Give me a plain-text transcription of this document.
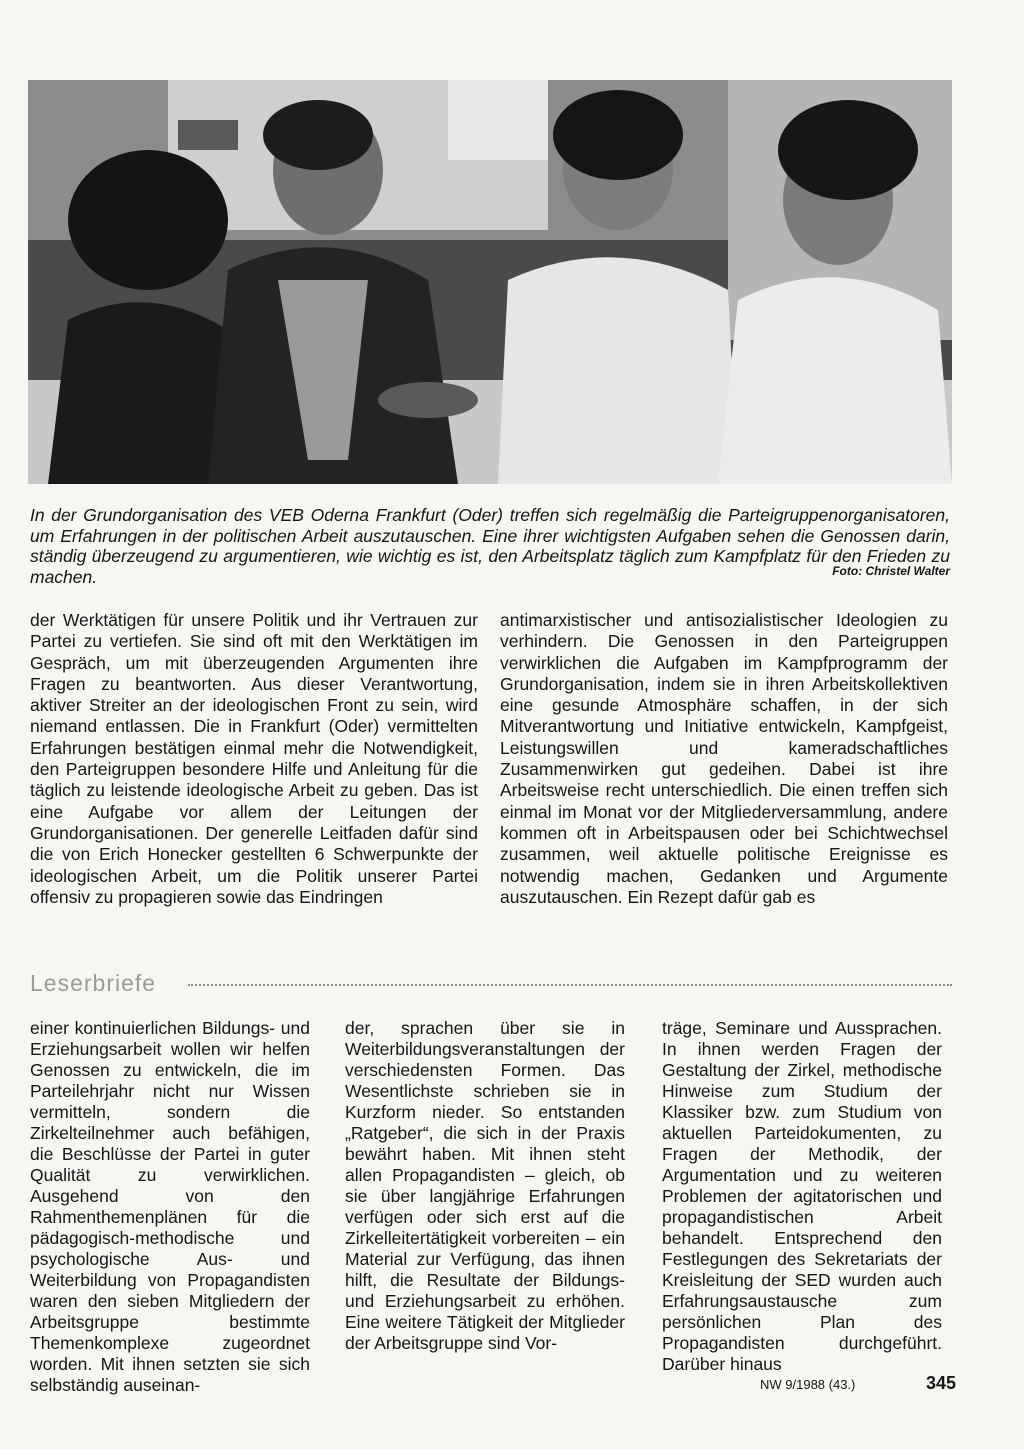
In der Grundorganisation des VEB Oderna Frankfurt (Oder) treffen sich regelmäßig die Parteigruppenorganisatoren, um Erfahrungen in der politischen Arbeit auszutauschen. Eine ihrer wichtigsten Aufgaben sehen die Genossen darin, ständig überzeugend zu argumentieren, wie wichtig es ist, den Arbeitsplatz täglich zum Kampfplatz für den Frieden zu machen.	Foto: Christel Walter

der Werktätigen für unsere Politik und ihr Vertrauen zur Partei zu vertiefen. Sie sind oft mit den Werktätigen im Gespräch, um mit überzeugenden Argumenten ihre Fragen zu beantworten. Aus dieser Verantwortung, aktiver Streiter an der ideologischen Front zu sein, wird niemand entlassen. Die in Frankfurt (Oder) vermittelten Erfahrungen bestätigen einmal mehr die Notwendigkeit, den Parteigruppen besondere Hilfe und Anleitung für die täglich zu leistende ideologische Arbeit zu geben. Das ist eine Aufgabe vor allem der Leitungen der Grundorganisationen. Der generelle Leitfaden dafür sind die von Erich Honecker gestellten 6 Schwerpunkte der ideologischen Arbeit, um die Politik unserer Partei offensiv zu propagieren sowie das Eindringen

antimarxistischer und antisozialistischer Ideologien zu verhindern. Die Genossen in den Parteigruppen verwirklichen die Aufgaben im Kampfprogramm der Grundorganisation, indem sie in ihren Arbeitskollektiven eine gesunde Atmosphäre schaffen, in der sich Mitverantwortung und Initiative entwickeln, Kampfgeist, Leistungswillen und kameradschaftliches Zusammenwirken gut gedeihen. Dabei ist ihre Arbeitsweise recht unterschiedlich. Die einen treffen sich einmal im Monat vor der Mitgliederversammlung, andere kommen oft in Arbeitspausen oder bei Schichtwechsel zusammen, weil aktuelle politische Ereignisse es notwendig machen, Gedanken und Argumente auszutauschen. Ein Rezept dafür gab es

Leserbriefe

einer kontinuierlichen Bildungs- und Erziehungsarbeit wollen wir helfen Genossen zu entwickeln, die im Parteilehrjahr nicht nur Wissen vermitteln, sondern die Zirkelteilnehmer auch befähigen, die Beschlüsse der Partei in guter Qualität zu verwirklichen. Ausgehend von den Rahmenthemenplänen für die pädagogisch-methodische und psychologische Aus- und Weiterbildung von Propagandisten waren den sieben Mitgliedern der Arbeitsgruppe bestimmte Themenkomplexe zugeordnet worden. Mit ihnen setzten sie sich selbständig auseinan-

der, sprachen über sie in Weiterbildungsveranstaltungen der verschiedensten Formen. Das Wesentlichste schrieben sie in Kurzform nieder. So entstanden „Ratgeber“, die sich in der Praxis bewährt haben. Mit ihnen steht allen Propagandisten – gleich, ob sie über langjährige Erfahrungen verfügen oder sich erst auf die Zirkelleitertätigkeit vorbereiten – ein Material zur Verfügung, das ihnen hilft, die Resultate der Bildungs- und Erziehungsarbeit zu erhöhen. Eine weitere Tätigkeit der Mitglieder der Arbeitsgruppe sind Vor-

träge, Seminare und Aussprachen. In ihnen werden Fragen der Gestaltung der Zirkel, methodische Hinweise zum Studium der Klassiker bzw. zum Studium von aktuellen Parteidokumenten, zu Fragen der Methodik, der Argumentation und zu weiteren Problemen der agitatorischen und propagandistischen Arbeit behandelt. Entsprechend den Festlegungen des Sekretariats der Kreisleitung der SED wurden auch Erfahrungsaustausche zum persönlichen Plan des Propagandisten durchgeführt. Darüber hinaus

NW 9/1988 (43.)	345
